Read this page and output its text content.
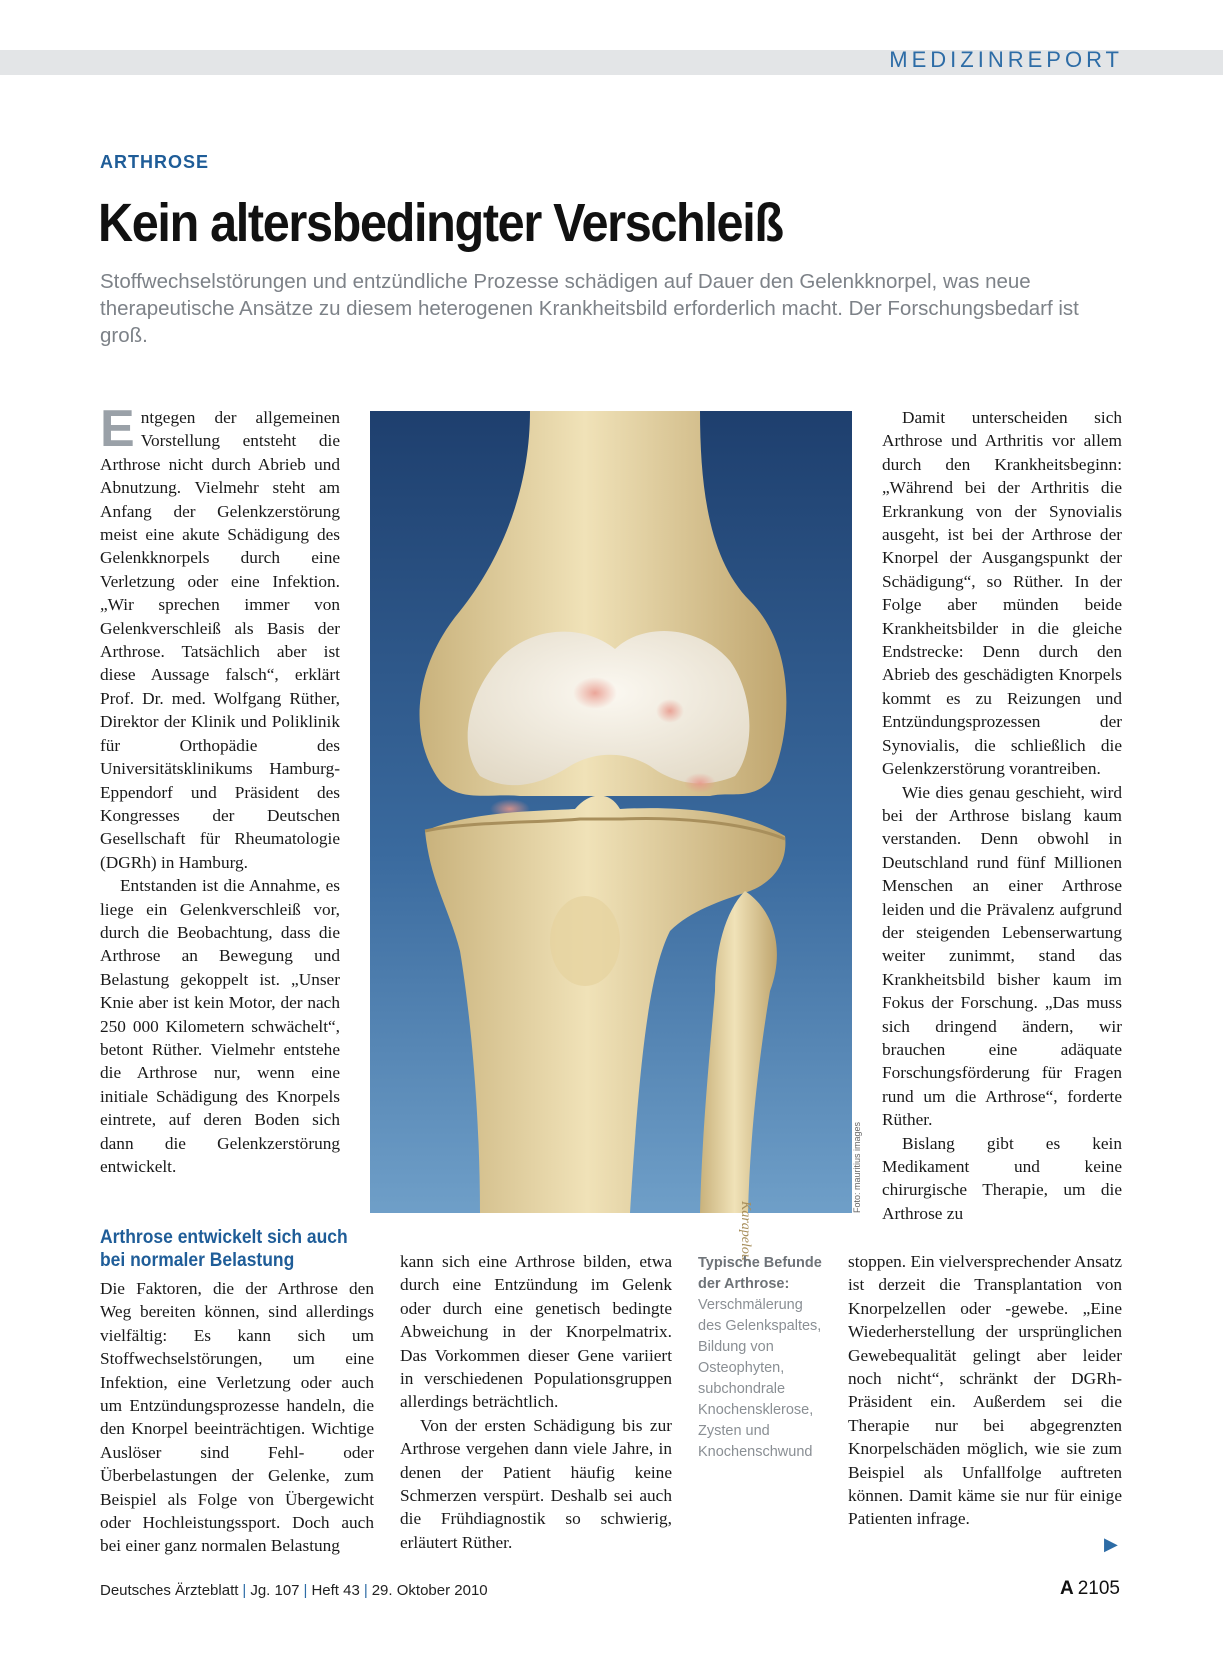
MEDIZINREPORT
ARTHROSE
Kein altersbedingter Verschleiß

Stoffwechselstörungen und entzündliche Prozesse schädigen auf Dauer den Gelenkknorpel, was neue therapeutische Ansätze zu diesem heterogenen Krankheitsbild erforderlich macht. Der Forschungsbedarf ist groß.

Entgegen der allgemeinen Vorstellung entsteht die Arthrose nicht durch Abrieb und Abnutzung. Vielmehr steht am Anfang der Gelenkzerstörung meist eine akute Schädigung des Gelenkknorpels durch eine Verletzung oder eine Infektion. „Wir sprechen immer von Gelenkverschleiß als Basis der Arthrose. Tatsächlich aber ist diese Aussage falsch“, erklärt Prof. Dr. med. Wolfgang Rüther, Direktor der Klinik und Poliklinik für Orthopädie des Universitätsklinikums Hamburg-Eppendorf und Präsident des Kongresses der Deutschen Gesellschaft für Rheumatologie (DGRh) in Hamburg.

Entstanden ist die Annahme, es liege ein Gelenkverschleiß vor, durch die Beobachtung, dass die Arthrose an Bewegung und Belastung gekoppelt ist. „Unser Knie aber ist kein Motor, der nach 250 000 Kilometern schwächelt“, betont Rüther. Vielmehr entstehe die Arthrose nur, wenn eine initiale Schädigung des Knorpels eintrete, auf deren Boden sich dann die Gelenkzerstörung entwickelt.

Arthrose entwickelt sich auch bei normaler Belastung

Die Faktoren, die der Arthrose den Weg bereiten können, sind allerdings vielfältig: Es kann sich um Stoffwechselstörungen, um eine Infektion, eine Verletzung oder auch um Entzündungsprozesse handeln, die den Knorpel beeinträchtigen. Wichtige Auslöser sind Fehl- oder Überbelastungen der Gelenke, zum Beispiel als Folge von Übergewicht oder Hochleistungssport. Doch auch bei einer ganz normalen Belastung

kann sich eine Arthrose bilden, etwa durch eine Entzündung im Gelenk oder durch eine genetisch bedingte Abweichung in der Knorpelmatrix. Das Vorkommen dieser Gene variiert in verschiedenen Populationsgruppen allerdings beträchtlich.

Von der ersten Schädigung bis zur Arthrose vergehen dann viele Jahre, in denen der Patient häufig keine Schmerzen verspürt. Deshalb sei auch die Frühdiagnostik so schwierig, erläutert Rüther.

Damit unterscheiden sich Arthrose und Arthritis vor allem durch den Krankheitsbeginn: „Während bei der Arthritis die Erkrankung von der Synovialis ausgeht, ist bei der Arthrose der Knorpel der Ausgangspunkt der Schädigung“, so Rüther. In der Folge aber münden beide Krankheitsbilder in die gleiche Endstrecke: Denn durch den Abrieb des geschädigten Knorpels kommt es zu Reizungen und Entzündungsprozessen der Synovialis, die schließlich die Gelenkzerstörung vorantreiben.

Wie dies genau geschieht, wird bei der Arthrose bislang kaum verstanden. Denn obwohl in Deutschland rund fünf Millionen Menschen an einer Arthrose leiden und die Prävalenz aufgrund der steigenden Lebenserwartung weiter zunimmt, stand das Krankheitsbild bisher kaum im Fokus der Forschung. „Das muss sich dringend ändern, wir brauchen eine adäquate Forschungsförderung für Fragen rund um die Arthrose“, forderte Rüther.

Bislang gibt es kein Medikament und keine chirurgische Therapie, um die Arthrose zu

stoppen. Ein vielversprechender Ansatz ist derzeit die Transplantation von Knorpelzellen oder -gewebe. „Eine Wiederherstellung der ursprünglichen Gewebequalität gelingt aber leider noch nicht“, schränkt der DGRh-Präsident ein. Außerdem sei die Therapie nur bei abgegrenzten Knorpelschäden möglich, wie sie zum Beispiel als Unfallfolge auftreten können. Damit käme sie nur für einige Patienten infrage.

▶
Karapelou
Foto: mauritius images
Typische Befunde der Arthrose: Verschmälerung des Gelenkspaltes, Bildung von Osteophyten, subchondrale Knochensklerose, Zysten und Knochenschwund
Deutsches Ärzteblatt | Jg. 107 | Heft 43 | 29. Oktober 2010	A 2105
